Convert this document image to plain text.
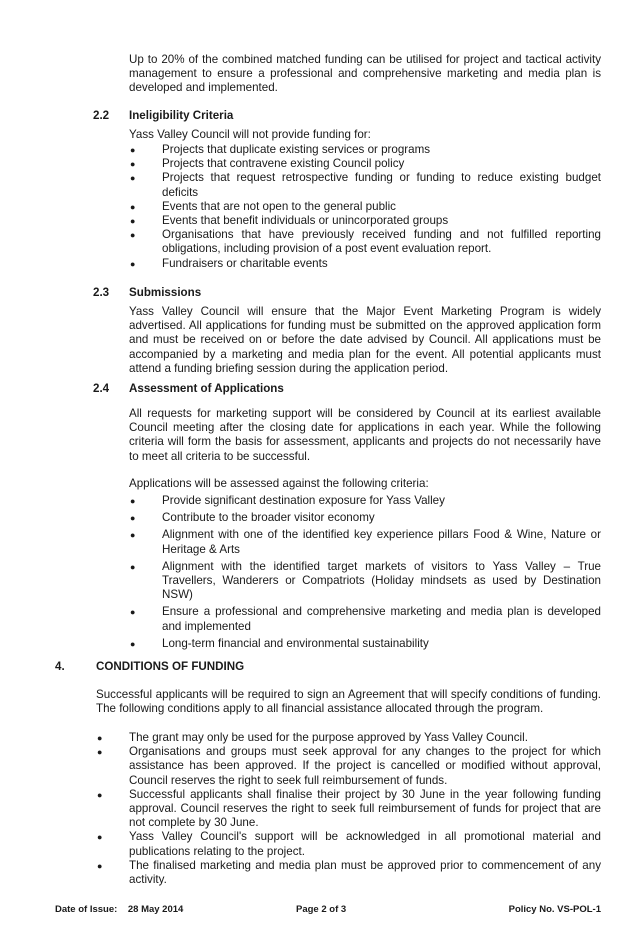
Up to 20% of the combined matched funding can be utilised for project and tactical activity management to ensure a professional and comprehensive marketing and media plan is developed and implemented.

2.2 Ineligibility Criteria

Yass Valley Council will not provide funding for:

● Projects that duplicate existing services or programs
● Projects that contravene existing Council policy
● Projects that request retrospective funding or funding to reduce existing budget deficits
● Events that are not open to the general public
● Events that benefit individuals or unincorporated groups
● Organisations that have previously received funding and not fulfilled reporting obligations, including provision of a post event evaluation report.
● Fundraisers or charitable events
2.3 Submissions

Yass Valley Council will ensure that the Major Event Marketing Program is widely advertised. All applications for funding must be submitted on the approved application form and must be received on or before the date advised by Council. All applications must be accompanied by a marketing and media plan for the event. All potential applicants must attend a funding briefing session during the application period.

2.4 Assessment of Applications

All requests for marketing support will be considered by Council at its earliest available Council meeting after the closing date for applications in each year. While the following criteria will form the basis for assessment, applicants and projects do not necessarily have to meet all criteria to be successful.

Applications will be assessed against the following criteria:

● Provide significant destination exposure for Yass Valley
● Contribute to the broader visitor economy
● Alignment with one of the identified key experience pillars Food & Wine, Nature or Heritage & Arts
● Alignment with the identified target markets of visitors to Yass Valley – True Travellers, Wanderers or Compatriots (Holiday mindsets as used by Destination NSW)
● Ensure a professional and comprehensive marketing and media plan is developed and implemented
● Long-term financial and environmental sustainability
4.	CONDITIONS OF FUNDING

Successful applicants will be required to sign an Agreement that will specify conditions of funding. The following conditions apply to all financial assistance allocated through the program.

● The grant may only be used for the purpose approved by Yass Valley Council.
● Organisations and groups must seek approval for any changes to the project for which assistance has been approved. If the project is cancelled or modified without approval, Council reserves the right to seek full reimbursement of funds.
● Successful applicants shall finalise their project by 30 June in the year following funding approval. Council reserves the right to seek full reimbursement of funds for project that are not complete by 30 June.
● Yass Valley Council's support will be acknowledged in all promotional material and publications relating to the project.
● The finalised marketing and media plan must be approved prior to commencement of any activity.
Date of Issue: 28 May 2014	Page 2 of 3	Policy No. VS-POL-1
